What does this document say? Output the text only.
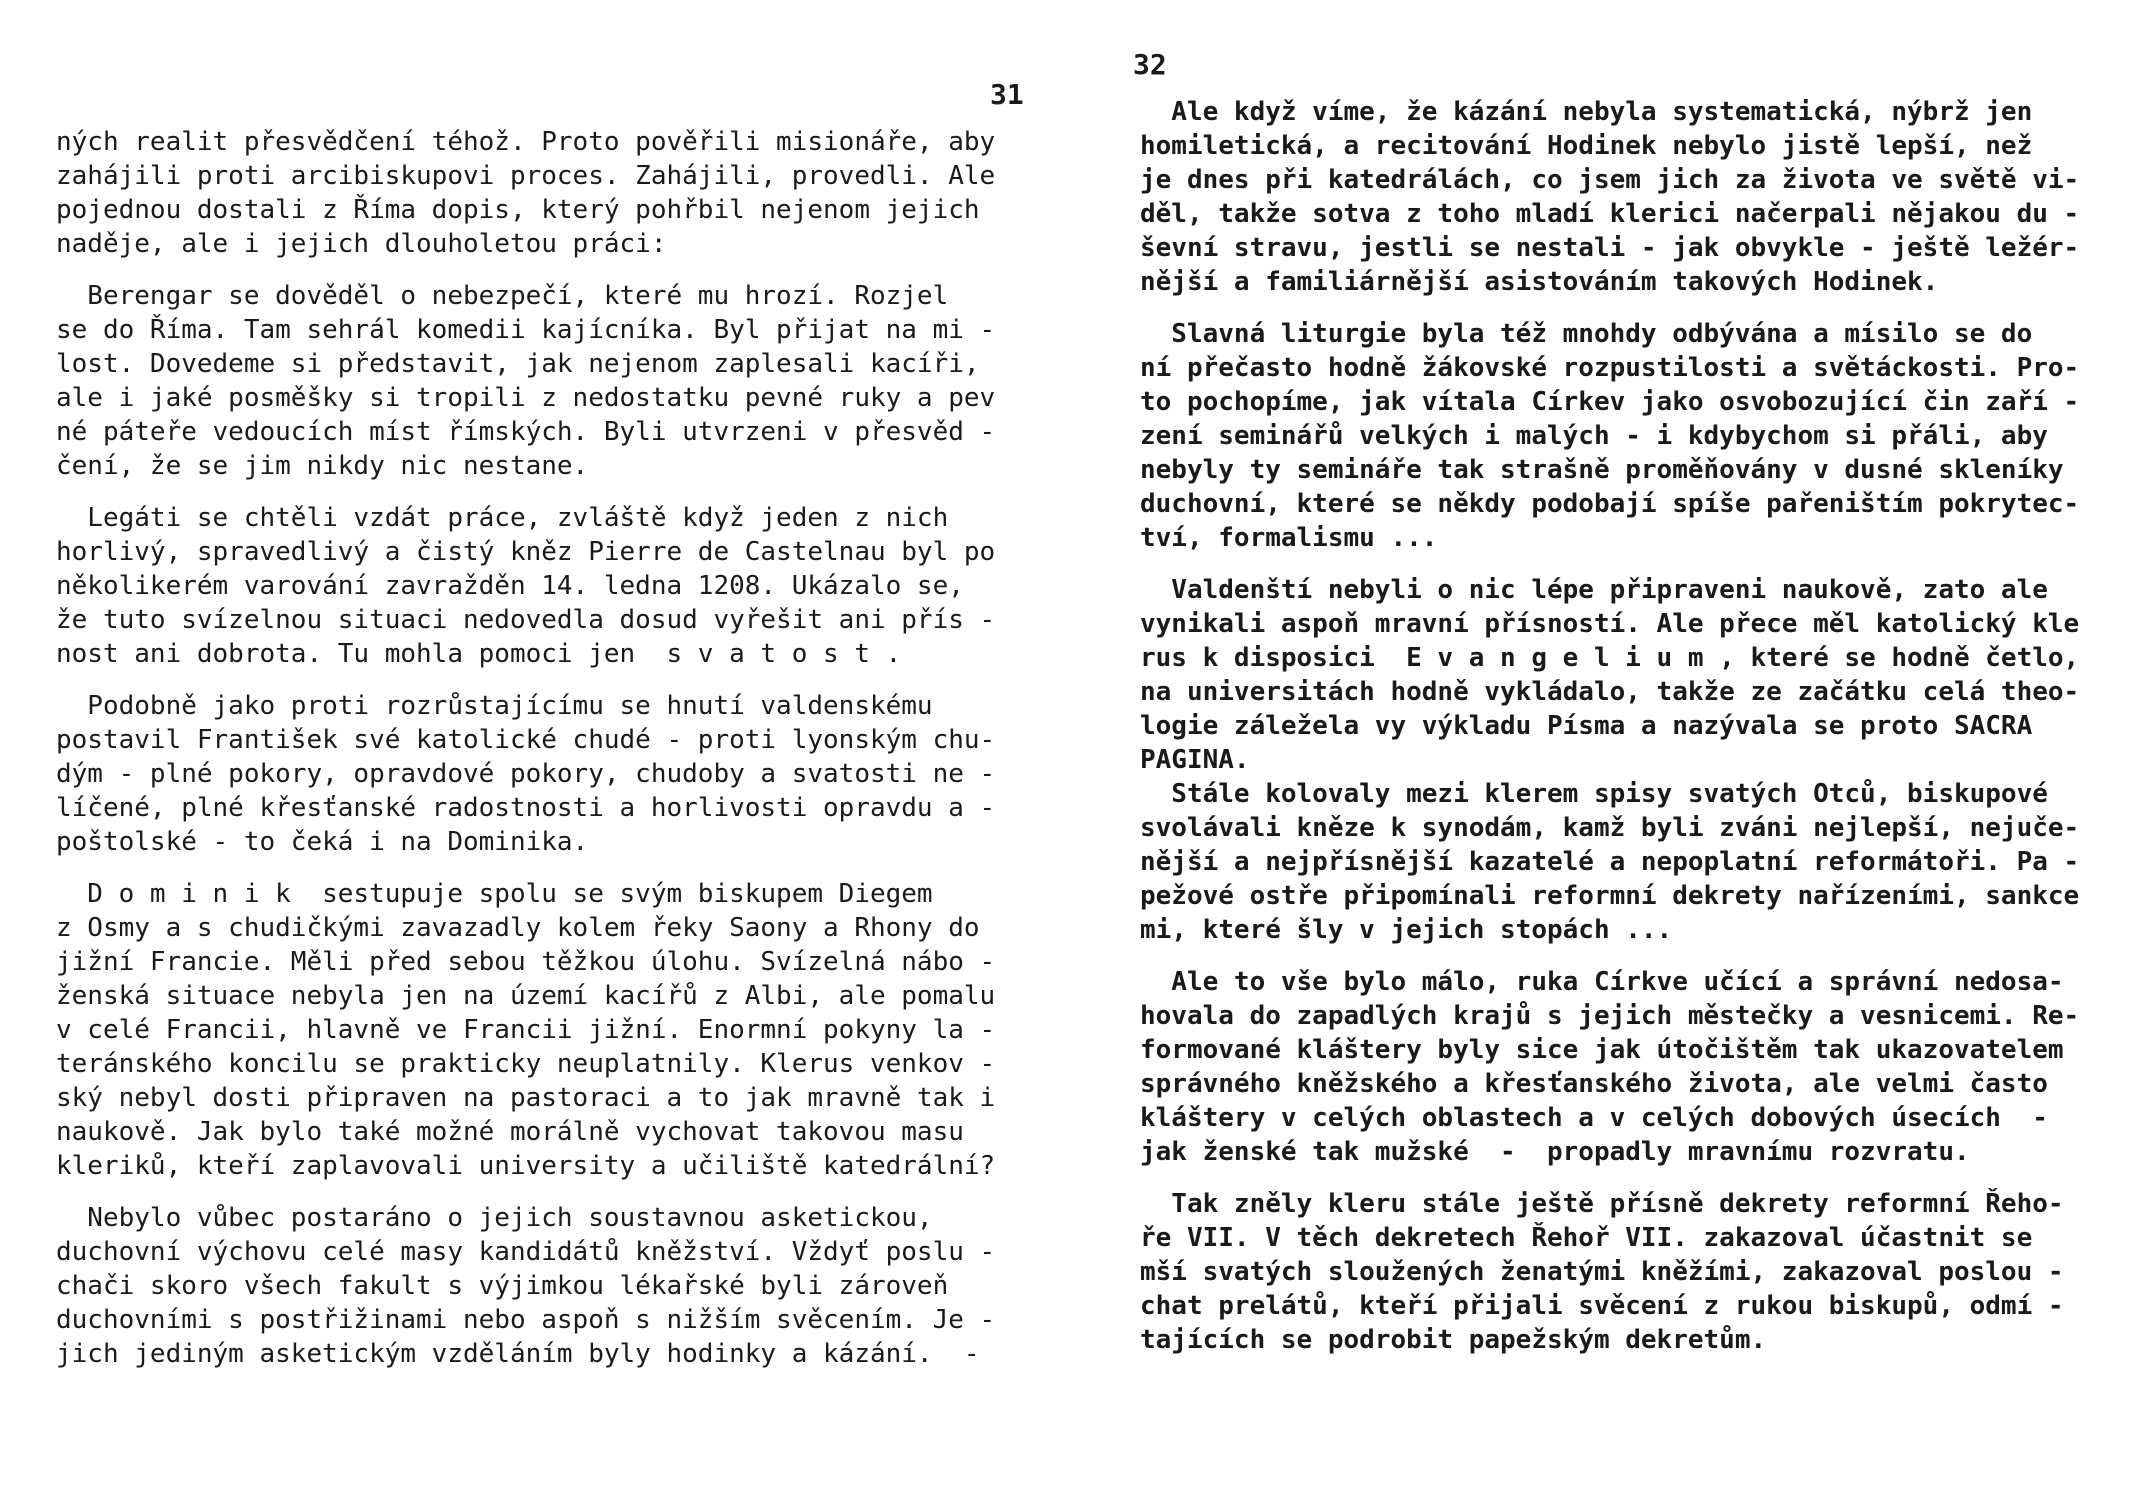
31
ných realit přesvědčení téhož. Proto pověřili misionáře, aby
zahájili proti arcibiskupovi proces. Zahájili, provedli. Ale
pojednou dostali z Říma dopis, který pohřbil nejenom jejich
naděje, ale i jejich dlouholetou práci:
Berengar se dověděl o nebezpečí, které mu hrozí. Rozjel
se do Říma. Tam sehrál komedii kajícníka. Byl přijat na mi -
lost. Dovedeme si představit, jak nejenom zaplesali kacíři,
ale i jaké posměšky si tropili z nedostatku pevné ruky a pev
né páteře vedoucích míst římských. Byli utvrzeni v přesvěd -
čení, že se jim nikdy nic nestane.
Legáti se chtěli vzdát práce, zvláště když jeden z nich
horlivý, spravedlivý a čistý kněz Pierre de Castelnau byl po
několikerém varování zavražděn 14. ledna 1208. Ukázalo se,
že tuto svízelnou situaci nedovedla dosud vyřešit ani přís -
nost ani dobrota. Tu mohla pomoci jen  s v a t o s t .
Podobně jako proti rozrůstajícímu se hnutí valdenskému
postavil František své katolické chudé - proti lyonským chu-
dým - plné pokory, opravdové pokory, chudoby a svatosti ne -
líčené, plné křesťanské radostnosti a horlivosti opravdu a -
poštolské - to čeká i na Dominika.
D o m i n i k  sestupuje spolu se svým biskupem Diegem
z Osmy a s chudičkými zavazadly kolem řeky Saony a Rhony do
jižní Francie. Měli před sebou těžkou úlohu. Svízelná nábo -
ženská situace nebyla jen na území kacířů z Albi, ale pomalu
v celé Francii, hlavně ve Francii jižní. Enormní pokyny la -
teránského koncilu se prakticky neuplatnily. Klerus venkov -
ský nebyl dosti připraven na pastoraci a to jak mravně tak i
naukově. Jak bylo také možné morálně vychovat takovou masu
kleriků, kteří zaplavovali university a učiliště katedrální?
Nebylo vůbec postaráno o jejich soustavnou asketickou,
duchovní výchovu celé masy kandidátů kněžství. Vždyť poslu -
chači skoro všech fakult s výjimkou lékařské byli zároveň
duchovními s postřižinami nebo aspoň s nižším svěcením. Je -
jich jediným asketickým vzděláním byly hodinky a kázání.  -
32
Ale když víme, že kázání nebyla systematická, nýbrž jen
homiletická, a recitování Hodinek nebylo jistě lepší, než
je dnes při katedrálách, co jsem jich za života ve světě vi-
děl, takže sotva z toho mladí klerici načerpali nějakou du -
ševní stravu, jestli se nestali - jak obvykle - ještě ležér-
nější a familiárnější asistováním takových Hodinek.
Slavná liturgie byla též mnohdy odbývána a mísilo se do
ní přečasto hodně žákovské rozpustilosti a světáckosti. Pro-
to pochopíme, jak vítala Církev jako osvobozující čin zaří -
zení seminářů velkých i malých - i kdybychom si přáli, aby
nebyly ty semináře tak strašně proměňovány v dusné skleníky
duchovní, které se někdy podobají spíše pařeništím pokrytec-
tví, formalismu ...
Valdenští nebyli o nic lépe připraveni naukově, zato ale
vynikali aspoň mravní přísností. Ale přece měl katolický kle
rus k disposici  E v a n g e l i u m , které se hodně četlo,
na universitách hodně vykládalo, takže ze začátku celá theo-
logie záležela vy výkladu Písma a nazývala se proto SACRA
PAGINA.
Stále kolovaly mezi klerem spisy svatých Otců, biskupové
svolávali kněze k synodám, kamž byli zváni nejlepší, nejuče-
nější a nejpřísnější kazatelé a nepoplatní reformátoři. Pa -
pežové ostře připomínali reformní dekrety nařízeními, sankce
mi, které šly v jejich stopách ...
Ale to vše bylo málo, ruka Církve učící a správní nedosa-
hovala do zapadlých krajů s jejich městečky a vesnicemi. Re-
formované kláštery byly sice jak útočištěm tak ukazovatelem
správného kněžského a křesťanského života, ale velmi často
kláštery v celých oblastech a v celých dobových úsecích  -
jak ženské tak mužské  -  propadly mravnímu rozvratu.
Tak zněly kleru stále ještě přísně dekrety reformní Řeho-
ře VII. V těch dekretech Řehoř VII. zakazoval účastnit se
mší svatých sloužených ženatými kněžími, zakazoval poslou -
chat prelátů, kteří přijali svěcení z rukou biskupů, odmí -
tajících se podrobit papežským dekretům.
